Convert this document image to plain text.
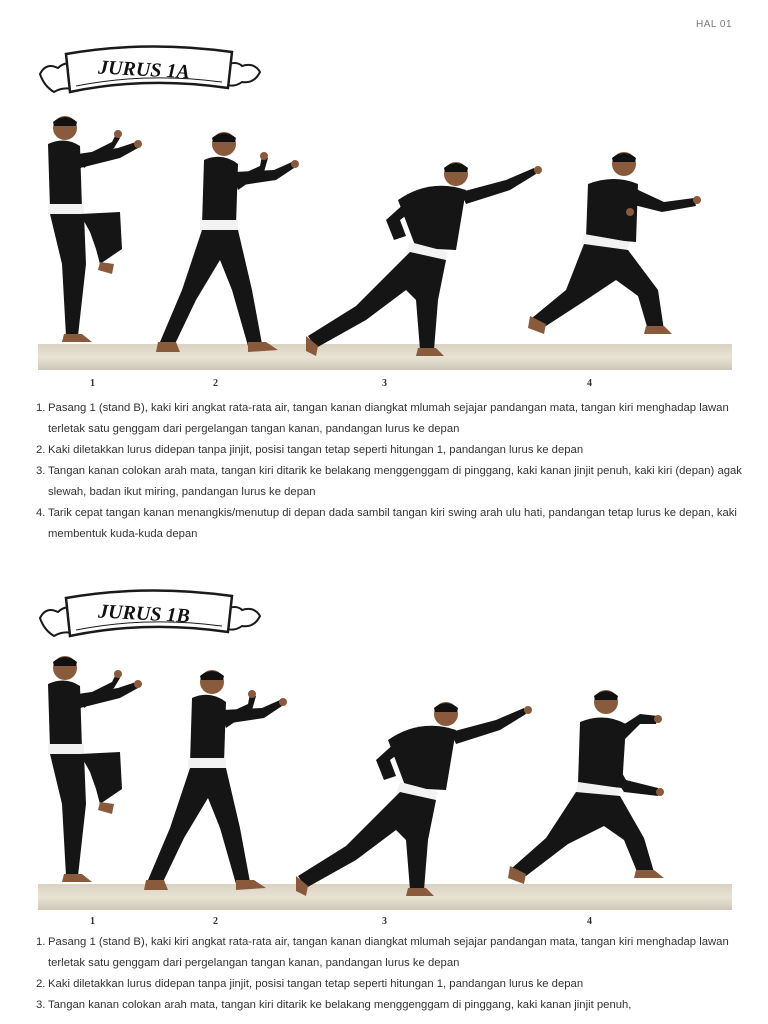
HAL 01
JURUS 1A
1	2	3	4
1. Pasang 1 (stand B), kaki kiri angkat rata-rata air, tangan kanan diangkat mlumah sejajar pandangan mata, tangan kiri menghadap lawan terletak satu genggam dari pergelangan tangan kanan, pandangan lurus ke depan
2. Kaki diletakkan lurus didepan tanpa jinjit, posisi tangan tetap seperti hitungan 1, pandangan lurus ke depan
3. Tangan kanan colokan arah mata, tangan kiri ditarik ke belakang menggenggam di pinggang, kaki kanan jinjit penuh, kaki kiri (depan) agak slewah, badan ikut miring, pandangan lurus ke depan
4. Tarik cepat tangan kanan menangkis/menutup di depan dada sambil tangan kiri swing arah ulu hati, pandangan tetap lurus ke depan, kaki membentuk kuda-kuda depan
JURUS 1B
1	2	3	4
1. Pasang 1 (stand B), kaki kiri angkat rata-rata air, tangan kanan diangkat mlumah sejajar pandangan mata, tangan kiri menghadap lawan terletak satu genggam dari pergelangan tangan kanan, pandangan lurus ke depan
2. Kaki diletakkan lurus didepan tanpa jinjit, posisi tangan tetap seperti hitungan 1, pandangan lurus ke depan
3. Tangan kanan colokan arah mata, tangan kiri ditarik ke belakang menggenggam di pinggang, kaki kanan jinjit penuh,
